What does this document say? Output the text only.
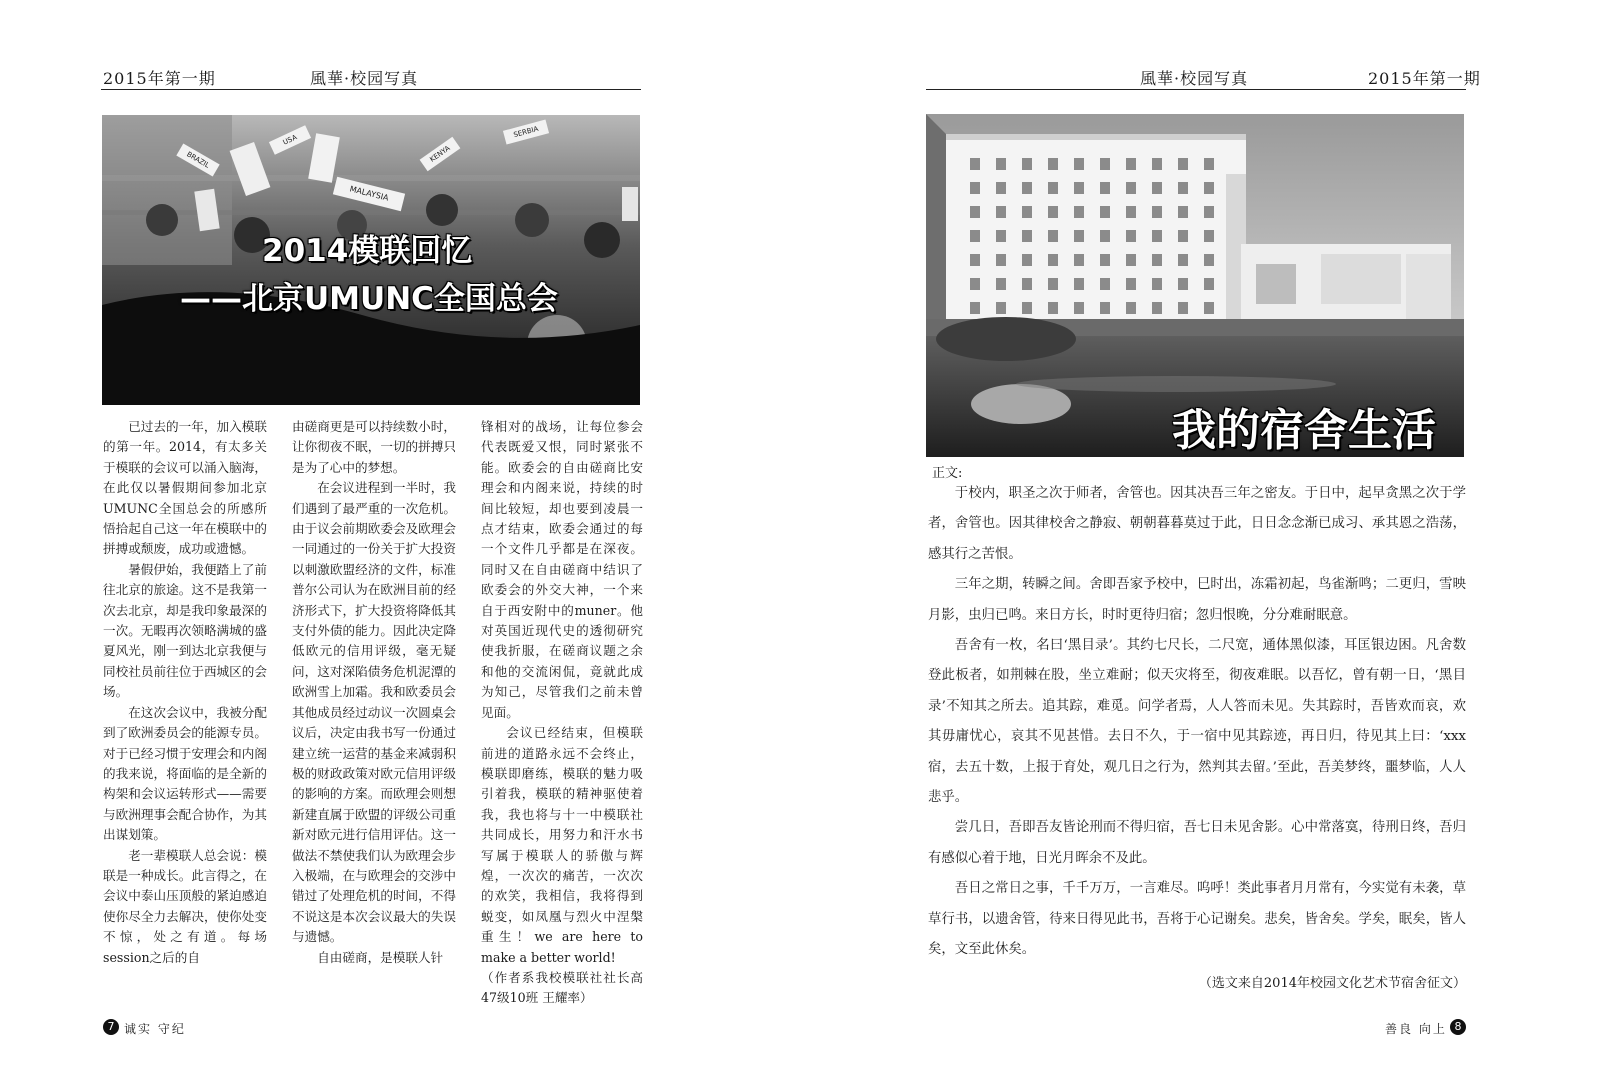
2015年第一期	風華·校园写真
MALAYSIA
USA
SERBIA
BRAZIL	KENYA
2014模联回忆
——北京UMUNC全国总会

已过去的一年，加入模联的第一年。2014，有太多关于模联的会议可以涌入脑海，在此仅以暑假期间参加北京UMUNC全国总会的所感所悟拾起自己这一年在模联中的拼搏或颓废，成功或遗憾。

暑假伊始，我便踏上了前往北京的旅途。这不是我第一次去北京，却是我印象最深的一次。无暇再次领略满城的盛夏风光，刚一到达北京我便与同校社员前往位于西城区的会场。

在这次会议中，我被分配到了欧洲委员会的能源专员。对于已经习惯于安理会和内阁的我来说，将面临的是全新的构架和会议运转形式——需要与欧洲理事会配合协作，为其出谋划策。

老一辈模联人总会说：模联是一种成长。此言得之，在会议中泰山压顶般的紧迫感迫使你尽全力去解决，使你处变不惊，处之有道。每场session之后的自

由磋商更是可以持续数小时，让你彻夜不眠，一切的拼搏只是为了心中的梦想。

在会议进程到一半时，我们遇到了最严重的一次危机。由于议会前期欧委会及欧理会一同通过的一份关于扩大投资以刺激欧盟经济的文件，标准普尔公司认为在欧洲目前的经济形式下，扩大投资将降低其支付外债的能力。因此决定降低欧元的信用评级，毫无疑问，这对深陷债务危机泥潭的欧洲雪上加霜。我和欧委员会其他成员经过动议一次圆桌会议后，决定由我书写一份通过建立统一运营的基金来减弱积极的财政政策对欧元信用评级的影响的方案。而欧理会则想新建直属于欧盟的评级公司重新对欧元进行信用评估。这一做法不禁使我们认为欧理会步入极端，在与欧理会的交涉中错过了处理危机的时间，不得不说这是本次会议最大的失误与遗憾。

自由磋商，是模联人针

锋相对的战场，让每位参会代表既爱又恨，同时紧张不能。欧委会的自由磋商比安理会和内阁来说，持续的时间比较短，却也要到凌晨一点才结束，欧委会通过的每一个文件几乎都是在深夜。同时又在自由磋商中结识了欧委会的外交大神，一个来自于西安附中的muner。他对英国近现代史的透彻研究使我折服，在磋商议题之余和他的交流闲侃，竟就此成为知己，尽管我们之前未曾见面。

会议已经结束，但模联前进的道路永远不会终止，模联即磨练，模联的魅力吸引着我，模联的精神驱使着我，我也将与十一中模联社共同成长，用努力和汗水书写属于模联人的骄傲与辉煌，一次次的痛苦，一次次的欢笑，我相信，我将得到蜕变，如凤凰与烈火中涅槃重生！we are here to make a better world!

（作者系我校模联社社长高47级10班 王耀率）

7 诚实 守纪
風華·校园写真	2015年第一期
我的宿舍生活
正文:

于校内，职圣之次于师者，舍管也。因其决吾三年之密友。于日中，起早贪黑之次于学者，舍管也。因其律校舍之静寂、朝朝暮暮莫过于此，日日念念渐已成习、承其恩之浩荡，感其行之苦恨。

三年之期，转瞬之间。舍即吾家予校中，巳时出，冻霜初起，鸟雀渐鸣；二更归，雪映月影，虫归已鸣。来日方长，时时更待归宿；忽归恨晚，分分难耐眠意。

吾舍有一枚，名曰‘黑目录’。其约七尺长，二尺宽，通体黑似漆，耳匡银边困。凡舍数登此板者，如荆棘在股，坐立难耐；似天灾将至，彻夜难眠。以吾忆，曾有朝一日，‘黑目录’不知其之所去。追其踪，难觅。问学者焉，人人答而未见。失其踪时，吾皆欢而哀，欢其毋庸忧心，哀其不见甚惜。去日不久，于一宿中见其踪迹，再日归，待见其上曰：‘xxx宿，去五十数，上报于育处，观几日之行为，然判其去留。’至此，吾美梦终，噩梦临，人人悲乎。

尝几日，吾即吾友皆论刑而不得归宿，吾七日未见舍影。心中常落寞，待刑日终，吾归有感似心着于地，日光月晖余不及此。

吾日之常日之事，千千万万，一言难尽。呜呼！类此事者月月常有，今实觉有未袭，草草行书，以遗舍管，待来日得见此书，吾将于心记谢矣。悲矣，皆舍矣。学矣，眠矣，皆人矣，文至此休矣。

（选文来自2014年校园文化艺术节宿舍征文）
善良 向上 8
